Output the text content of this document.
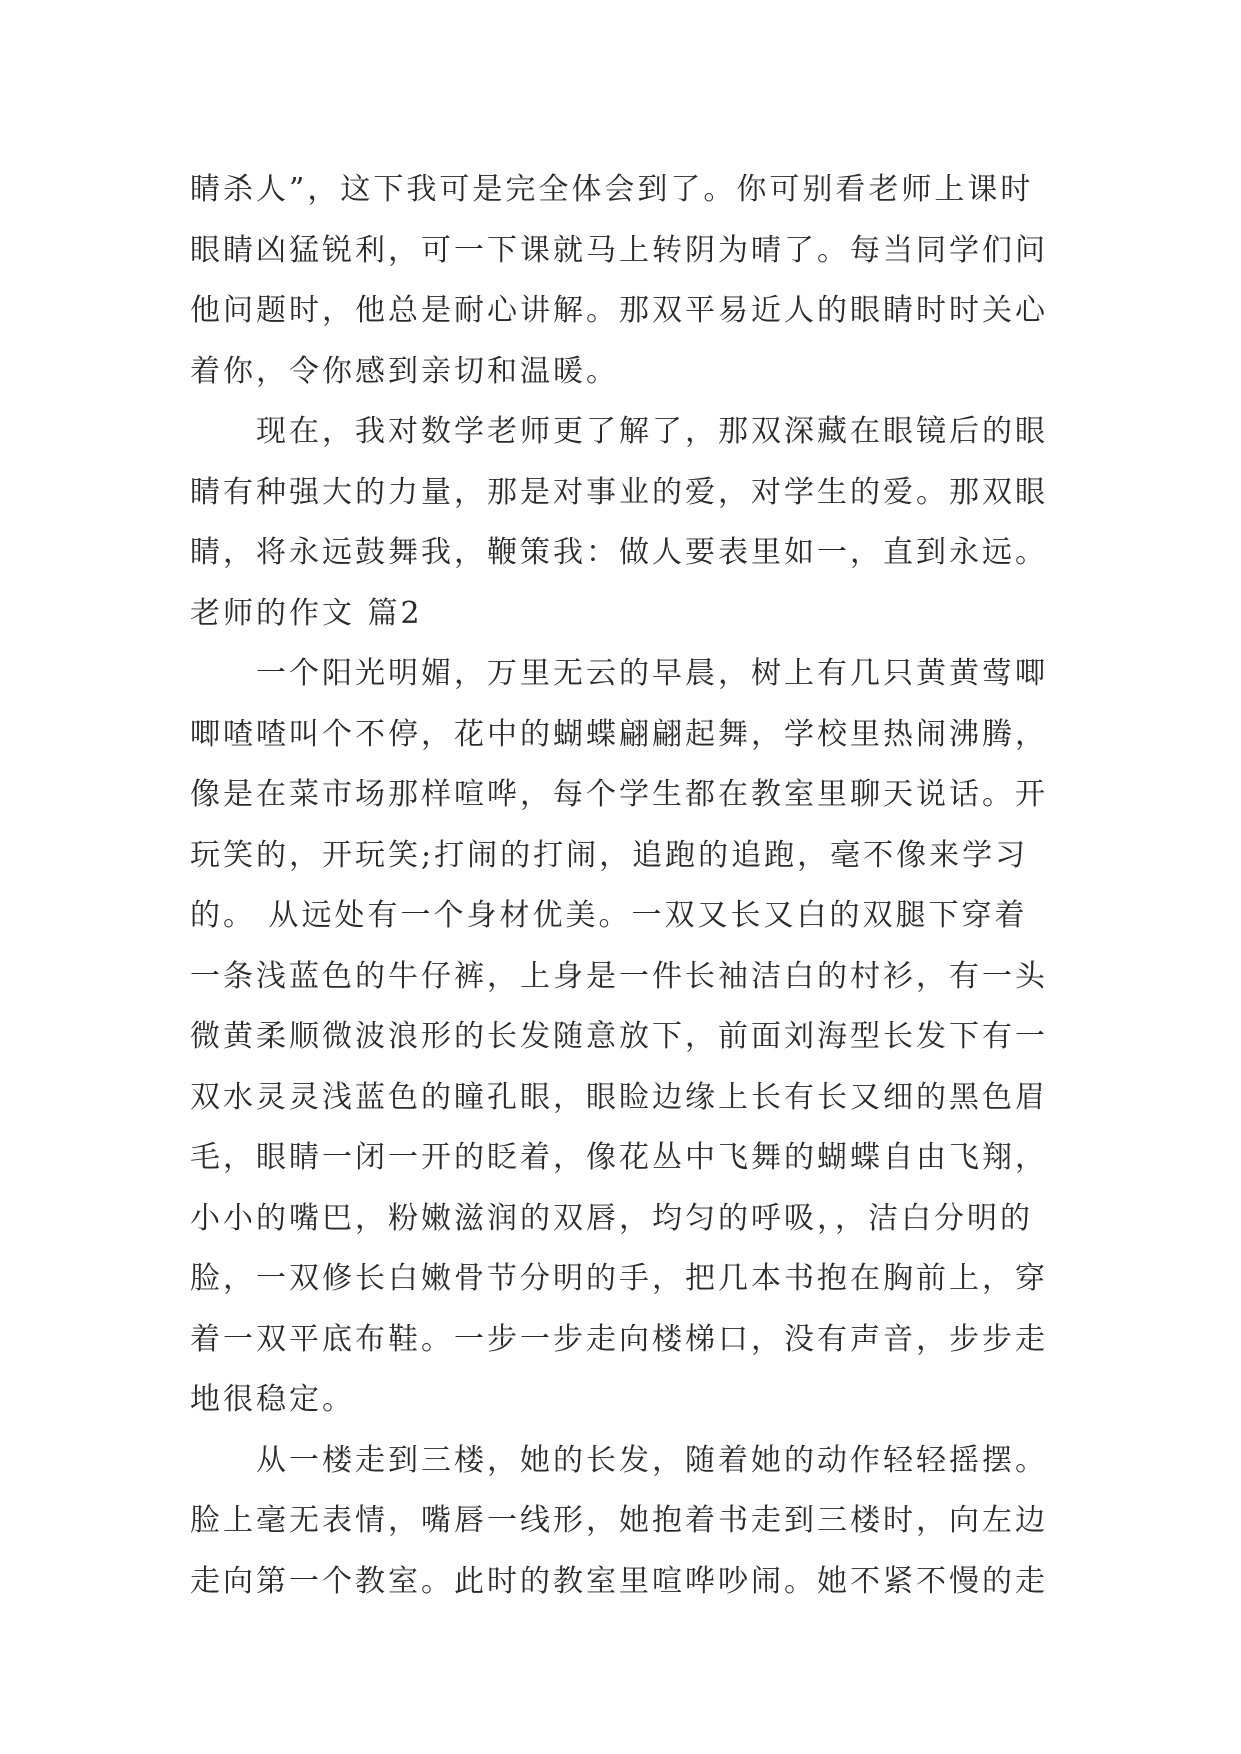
睛杀人”，这下我可是完全体会到了。你可别看老师上课时
眼睛凶猛锐利，可一下课就马上转阴为晴了。每当同学们问
他问题时，他总是耐心讲解。那双平易近人的眼睛时时关心
着你，令你感到亲切和温暖。
　　现在，我对数学老师更了解了，那双深藏在眼镜后的眼
睛有种强大的力量，那是对事业的爱，对学生的爱。那双眼
睛，将永远鼓舞我，鞭策我：做人要表里如一，直到永远。
老师的作文 篇2
　　一个阳光明媚，万里无云的早晨，树上有几只黄黄莺唧
唧喳喳叫个不停，花中的蝴蝶翩翩起舞，学校里热闹沸腾，
像是在菜市场那样喧哗，每个学生都在教室里聊天说话。开
玩笑的，开玩笑;打闹的打闹，追跑的追跑，毫不像来学习
的。 从远处有一个身材优美。一双又长又白的双腿下穿着
一条浅蓝色的牛仔裤，上身是一件长袖洁白的村衫，有一头
微黄柔顺微波浪形的长发随意放下，前面刘海型长发下有一
双水灵灵浅蓝色的瞳孔眼，眼睑边缘上长有长又细的黑色眉
毛，眼睛一闭一开的眨着，像花丛中飞舞的蝴蝶自由飞翔，
小小的嘴巴，粉嫩滋润的双唇，均匀的呼吸，，洁白分明的
脸，一双修长白嫩骨节分明的手，把几本书抱在胸前上，穿
着一双平底布鞋。一步一步走向楼梯口，没有声音，步步走
地很稳定。
　　从一楼走到三楼，她的长发，随着她的动作轻轻摇摆。
脸上毫无表情，嘴唇一线形，她抱着书走到三楼时，向左边
走向第一个教室。此时的教室里喧哗吵闹。她不紧不慢的走
